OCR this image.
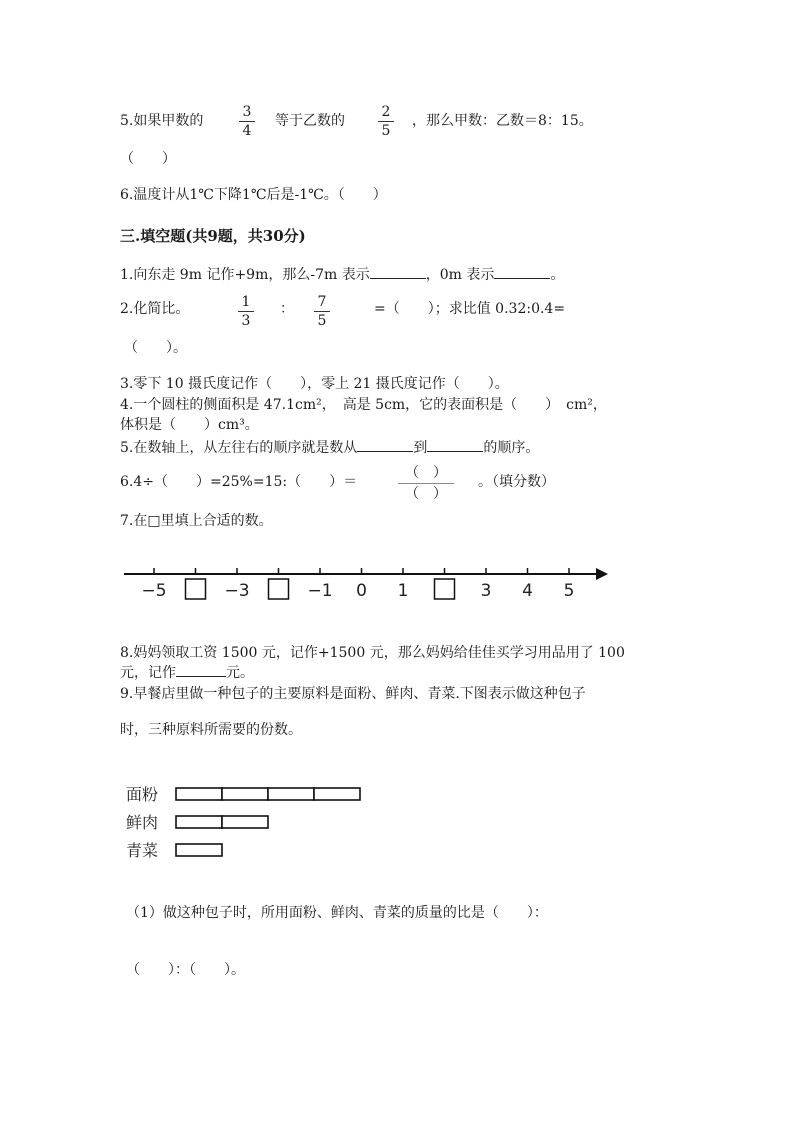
5.如果甲数的
3
4
等于乙数的
2
5
，那么甲数：乙数＝8：15。
（　　）
6.温度计从1℃下降1℃后是-1℃。（　　）
三.填空题(共9题，共30分)
1.向东走 9m 记作+9m，那么-7m 表示	，0m 表示	。
2.化简比。	1
3
：	7
5
=（　　）；求比值 0.32:0.4=
（　　）。
3.零下 10 摄氏度记作（　　），零上 21 摄氏度记作（　　）。
4.一个圆柱的侧面积是 47.1cm²，　高是 5cm，它的表面积是（　　）　cm²，
体积是（　　）cm³。
5.在数轴上，从左往右的顺序就是数从	到	的顺序。
6.4÷（　　）=25%=15:（　　）＝
（　）
（　）
。（填分数）
7.在□里填上合适的数。
−5	−3	−1 0 1	3 4 5
8.妈妈领取工资 1500 元，记作+1500 元，那么妈妈给佳佳买学习用品用了 100
元，记作	元。
9.早餐店里做一种包子的主要原料是面粉、鲜肉、青菜.下图表示做这种包子
时，三种原料所需要的份数。
面粉
鲜肉
青菜
（1）做这种包子时，所用面粉、鲜肉、青菜的质量的比是（　　）：
（　　）：（　　）。
